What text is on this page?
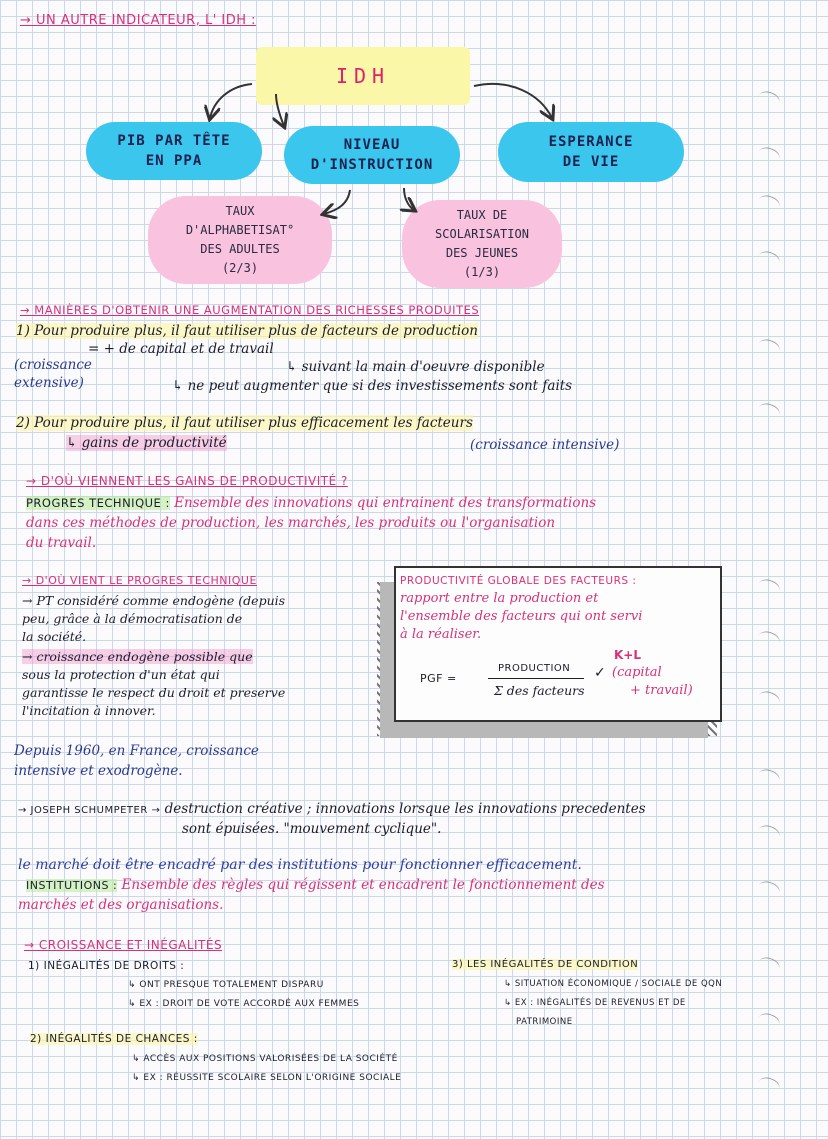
→ UN AUTRE INDICATEUR, L' IDH :
IDH
PIB PAR TÊTE
EN PPA
NIVEAU
D'INSTRUCTION
ESPERANCE
DE VIE
TAUX
D'ALPHABETISAT°
DES ADULTES
(2/3)
TAUX DE
SCOLARISATION
DES JEUNES
(1/3)
→ MANIÈRES D'OBTENIR UNE AUGMENTATION DES RICHESSES PRODUITES
1) Pour produire plus, il faut utiliser plus de facteurs de production
= + de capital et de travail
(croissance
extensive)
↳ suivant la main d'oeuvre disponible
↳ ne peut augmenter que si des investissements sont faits
2) Pour produire plus, il faut utiliser plus efficacement les facteurs
↳ gains de productivité	(croissance intensive)
→ D'OÙ VIENNENT LES GAINS DE PRODUCTIVITÉ ?
PROGRES TECHNIQUE : Ensemble des innovations qui entrainent des transformations
dans ces méthodes de production, les marchés, les produits ou l'organisation
du travail.
→ D'OÙ VIENT LE PROGRES TECHNIQUE
→ PT considéré comme endogène (depuis
peu, grâce à la démocratisation de
la société.
→ croissance endogène possible que
sous la protection d'un état qui
garantisse le respect du droit et preserve
l'incitation à innover.
Depuis 1960, en France, croissance
intensive et exodrogène.
PRODUCTIVITÉ GLOBALE DES FACTEURS :
rapport entre la production et
l'ensemble des facteurs qui ont servi
à la réaliser.
PGF =
PRODUCTION
Σ des facteurs
K+L
(capital
+ travail)
✓
→ JOSEPH SCHUMPETER → destruction créative ; innovations lorsque les innovations precedentes
sont épuisées. "mouvement cyclique".
le marché doit être encadré par des institutions pour fonctionner efficacement.
INSTITUTIONS : Ensemble des règles qui régissent et encadrent le fonctionnement des
marchés et des organisations.
→ CROISSANCE ET INÉGALITÉS
1) INÉGALITÉS DE DROITS :
↳ ONT PRESQUE TOTALEMENT DISPARU
↳ EX : DROIT DE VOTE ACCORDÉ AUX FEMMES
2) INÉGALITÉS DE CHANCES :
↳ ACCÈS AUX POSITIONS VALORISÉES DE LA SOCIÉTÉ
↳ EX : RÉUSSITE SCOLAIRE SELON L'ORIGINE SOCIALE
3) LES INÉGALITÉS DE CONDITION
↳ SITUATION ÉCONOMIQUE / SOCIALE DE QQN
↳ EX : INÉGALITÉS DE REVENUS ET DE
PATRIMOINE
